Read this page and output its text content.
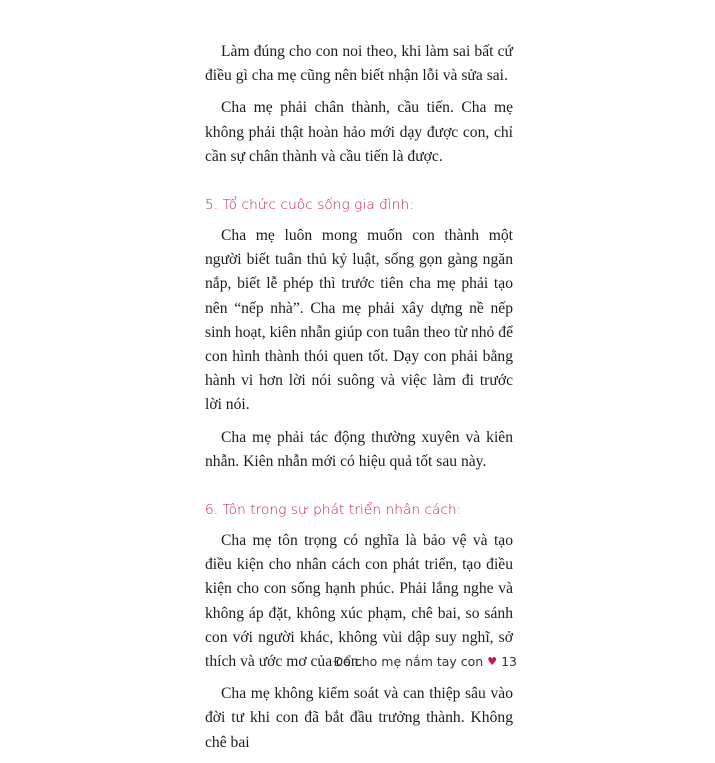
Làm đúng cho con noi theo, khi làm sai bất cứ điều gì cha mẹ cũng nên biết nhận lỗi và sửa sai.

Cha mẹ phải chân thành, cầu tiến. Cha mẹ không phải thật hoàn hảo mới dạy được con, chỉ cần sự chân thành và cầu tiến là được.

5. Tổ chức cuộc sống gia đình:

Cha mẹ luôn mong muốn con thành một người biết tuân thủ kỷ luật, sống gọn gàng ngăn nắp, biết lễ phép thì trước tiên cha mẹ phải tạo nên “nếp nhà”. Cha mẹ phải xây dựng nề nếp sinh hoạt, kiên nhẫn giúp con tuân theo từ nhỏ để con hình thành thói quen tốt. Dạy con phải bằng hành vi hơn lời nói suông và việc làm đi trước lời nói.

Cha mẹ phải tác động thường xuyên và kiên nhẫn. Kiên nhẫn mới có hiệu quả tốt sau này.

6. Tôn trọng sự phát triển nhân cách:

Cha mẹ tôn trọng có nghĩa là bảo vệ và tạo điều kiện cho nhân cách con phát triển, tạo điều kiện cho con sống hạnh phúc. Phải lắng nghe và không áp đặt, không xúc phạm, chê bai, so sánh con với người khác, không vùi dập suy nghĩ, sở thích và ước mơ của con.

Cha mẹ không kiểm soát và can thiệp sâu vào đời tư khi con đã bắt đầu trưởng thành. Không chê bai

Để cho mẹ nắm tay con ♥ 13
